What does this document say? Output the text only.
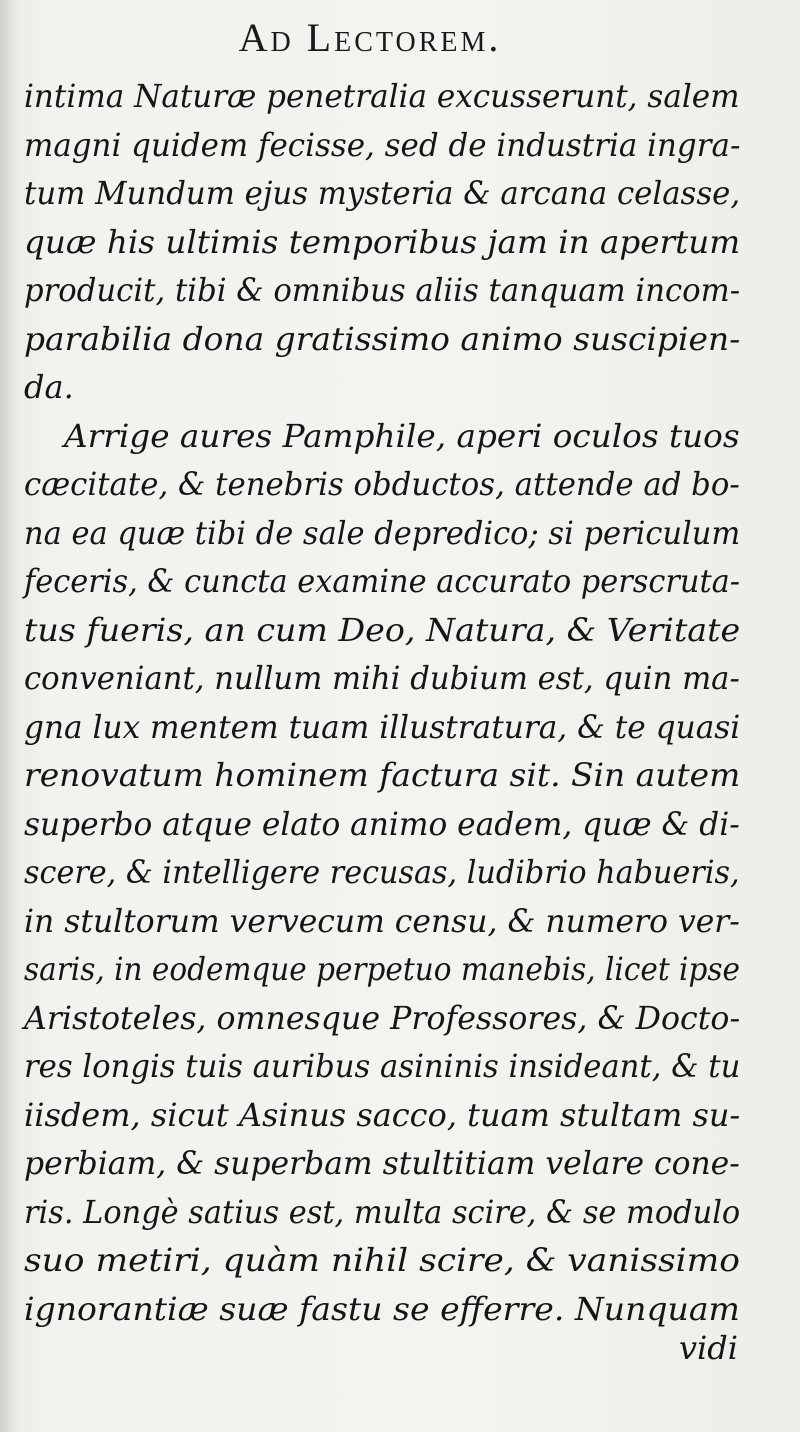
Ad Lectorem.
intima Naturæ penetralia excusserunt, salem
magni quidem fecisse, sed de industria ingra-
tum Mundum ejus mysteria & arcana celasse,
quæ his ultimis temporibus jam in apertum
producit, tibi & omnibus aliis tanquam incom-
parabilia dona gratissimo animo suscipien-
da.
Arrige aures Pamphile, aperi oculos tuos
cæcitate, & tenebris obductos, attende ad bo-
na ea quæ tibi de sale depredico; si periculum
feceris, & cuncta examine accurato perscruta-
tus fueris, an cum Deo, Natura, & Veritate
conveniant, nullum mihi dubium est, quin ma-
gna lux mentem tuam illustratura, & te quasi
renovatum hominem factura sit. Sin autem
superbo atque elato animo eadem, quæ & di-
scere, & intelligere recusas, ludibrio habueris,
in stultorum vervecum censu, & numero ver-
saris, in eodemque perpetuo manebis, licet ipse
Aristoteles, omnesque Professores, & Docto-
res longis tuis auribus asininis insideant, & tu
iisdem, sicut Asinus sacco, tuam stultam su-
perbiam, & superbam stultitiam velare cone-
ris. Longè satius est, multa scire, & se modulo
suo metiri, quàm nihil scire, & vanissimo
ignorantiæ suæ fastu se efferre. Nunquam
vidi
